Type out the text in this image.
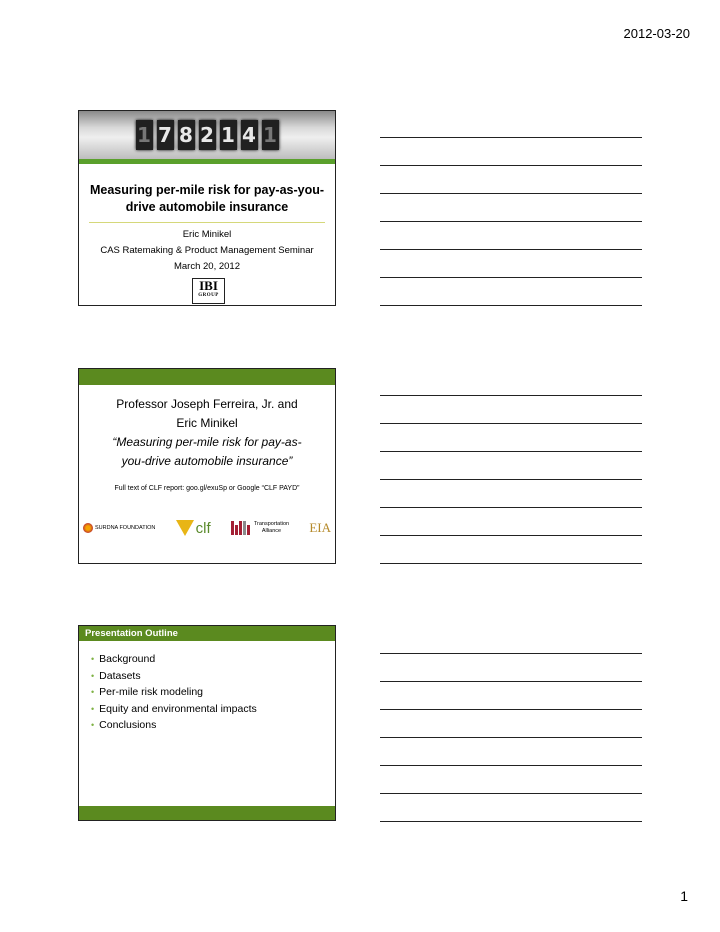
2012-03-20
1 7 8 2 1 4 1
Measuring per-mile risk for pay-as-you-drive automobile insurance
Eric Minikel
CAS Ratemaking & Product Management Seminar
March 20, 2012
IBI
GROUP
Professor Joseph Ferreira, Jr. and
Eric Minikel
“Measuring per-mile risk for pay-as-
you-drive automobile insurance”
Full text of CLF report: goo.gl/exuSp or Google “CLF PAYD”
SURDNA FOUNDATION	clf	Transportation
Alliance	EIA
Presentation Outline
• Background
• Datasets
• Per-mile risk modeling
• Equity and environmental impacts
• Conclusions
1
